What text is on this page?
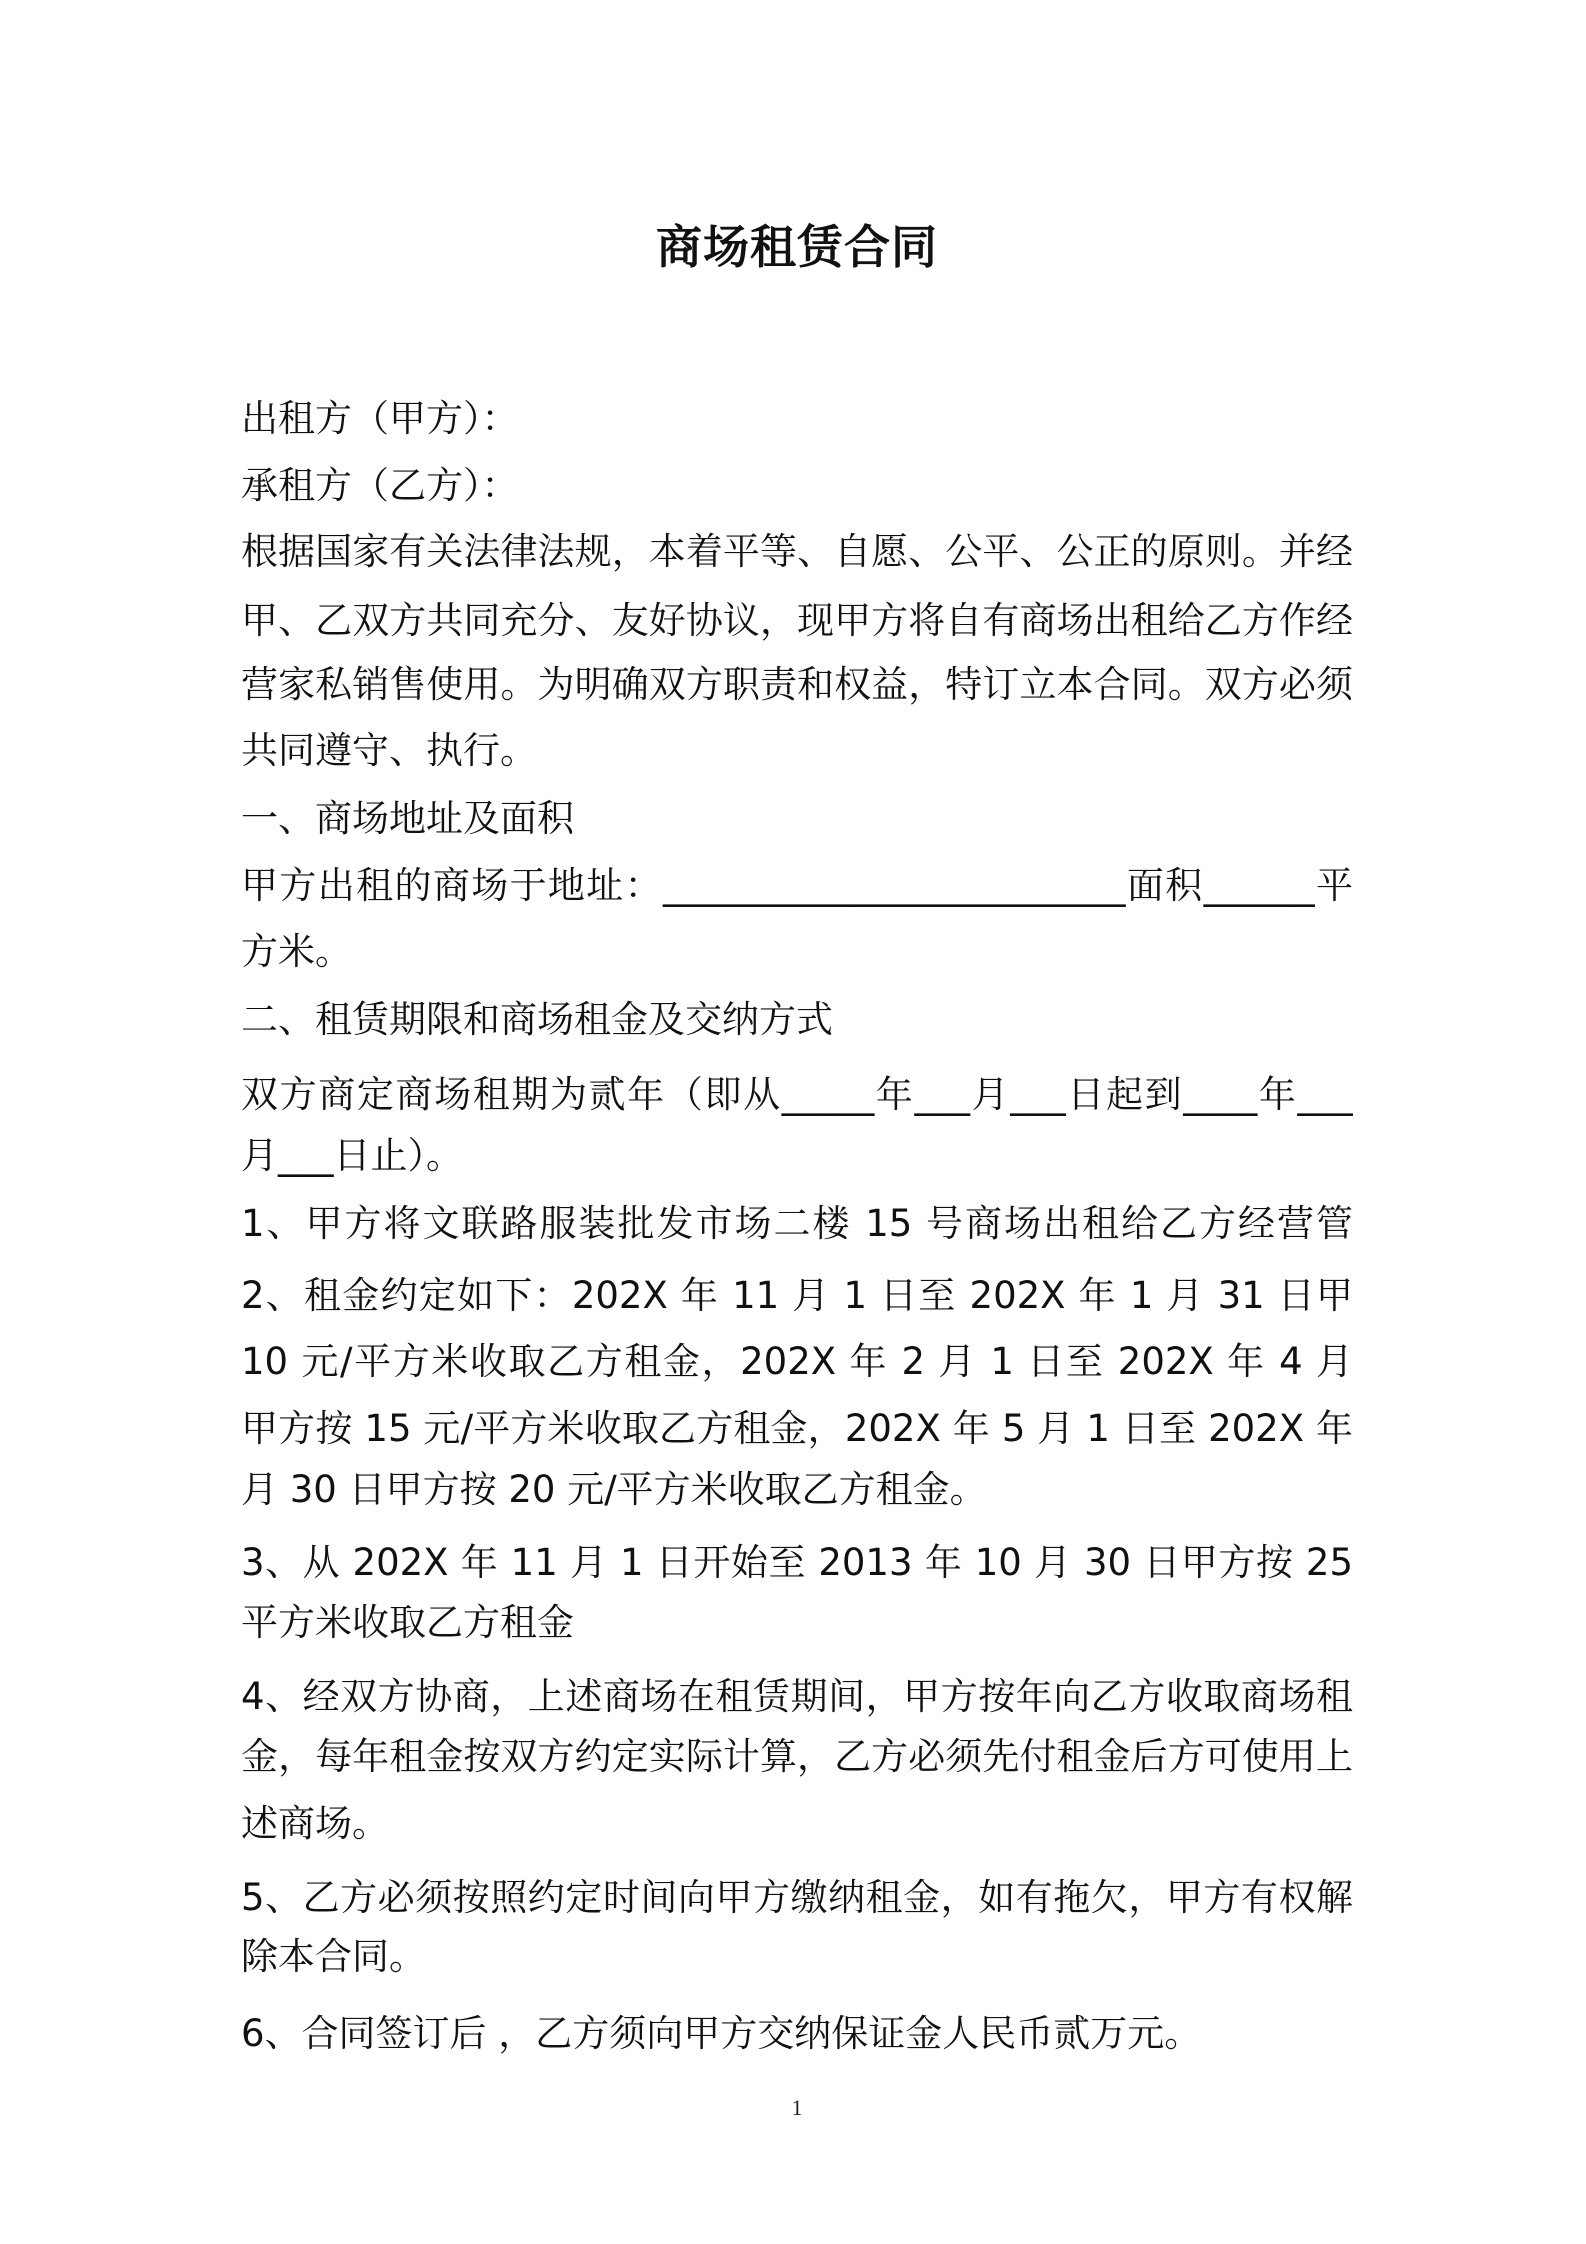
商场租赁合同
出租方（甲方）：
承租方（乙方）：
根据国家有关法律法规，本着平等、自愿、公平、公正的原则。并经
甲、乙双方共同充分、友好协议，现甲方将自有商场出租给乙方作经
营家私销售使用。为明确双方职责和权益，特订立本合同。双方必须
共同遵守、执行。
一、商场地址及面积
甲方出租的商场于地址：_________________________面积______平
方米。
二、租赁期限和商场租金及交纳方式
双方商定商场租期为贰年（即从_____年___月___日起到____年___
月___日止）。
1、甲方将文联路服装批发市场二楼 15 号商场出租给乙方经营管
2、租金约定如下：202X 年 11 月 1 日至 202X 年 1 月 31 日甲
10 元/平方米收取乙方租金，202X 年 2 月 1 日至 202X 年 4 月
甲方按 15 元/平方米收取乙方租金，202X 年 5 月 1 日至 202X 年
月 30 日甲方按 20 元/平方米收取乙方租金。
3、从 202X 年 11 月 1 日开始至 2013 年 10 月 30 日甲方按 25
平方米收取乙方租金
4、经双方协商，上述商场在租赁期间，甲方按年向乙方收取商场租
金，每年租金按双方约定实际计算，乙方必须先付租金后方可使用上
述商场。
5、乙方必须按照约定时间向甲方缴纳租金，如有拖欠，甲方有权解
除本合同。
6、合同签订后 ，乙方须向甲方交纳保证金人民币贰万元。
1
